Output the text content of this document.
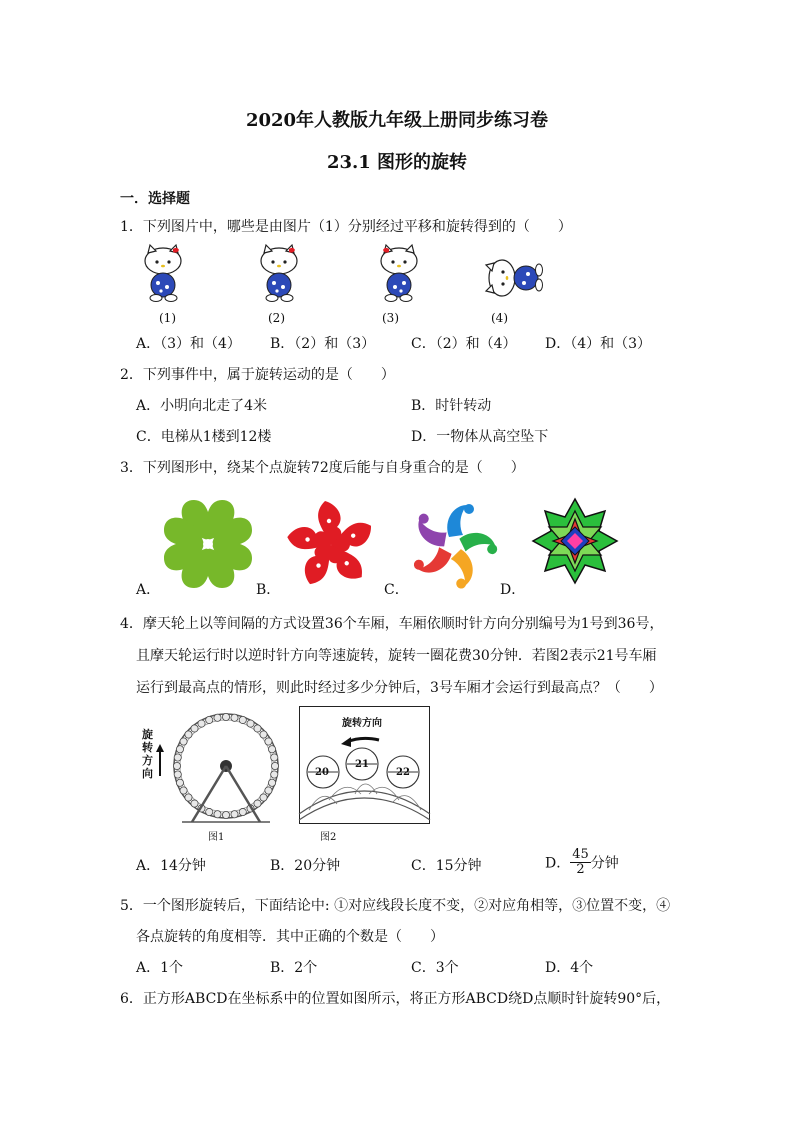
2020年人教版九年级上册同步练习卷
23.1 图形的旋转
一．选择题
1．下列图片中，哪些是由图片（1）分别经过平移和旋转得到的（　　）
(1)	(2)	(3)	(4)
A．（3）和（4） B．（2）和（3）	C．（2）和（4） D．（4）和（3）
2．下列事件中，属于旋转运动的是（　　）
A．小明向北走了4米	B．时针转动
C．电梯从1楼到12楼	D．一物体从高空坠下
3．下列图形中，绕某个点旋转72度后能与自身重合的是（　　）
A．	B．	C．	D．
4．摩天轮上以等间隔的方式设置36个车厢，车厢依顺时针方向分别编号为1号到36号，
且摩天轮运行时以逆时针方向等速旋转，旋转一圈花费30分钟．若图2表示21号车厢
运行到最高点的情形，则此时经过多少分钟后，3号车厢才会运行到最高点？（　　）
旋
转
方
向
图1
旋转方向
20
21
22
图2
A．14分钟	B．20分钟	C．15分钟	D． $\frac{45}{2}$ 分钟
5．一个图形旋转后，下面结论中: ①对应线段长度不变，②对应角相等，③位置不变，④
各点旋转的角度相等．其中正确的个数是（　　）
A．1个	B．2个	C．3个	D．4个
6．正方形ABCD在坐标系中的位置如图所示，将正方形ABCD绕D点顺时针旋转90°后，
